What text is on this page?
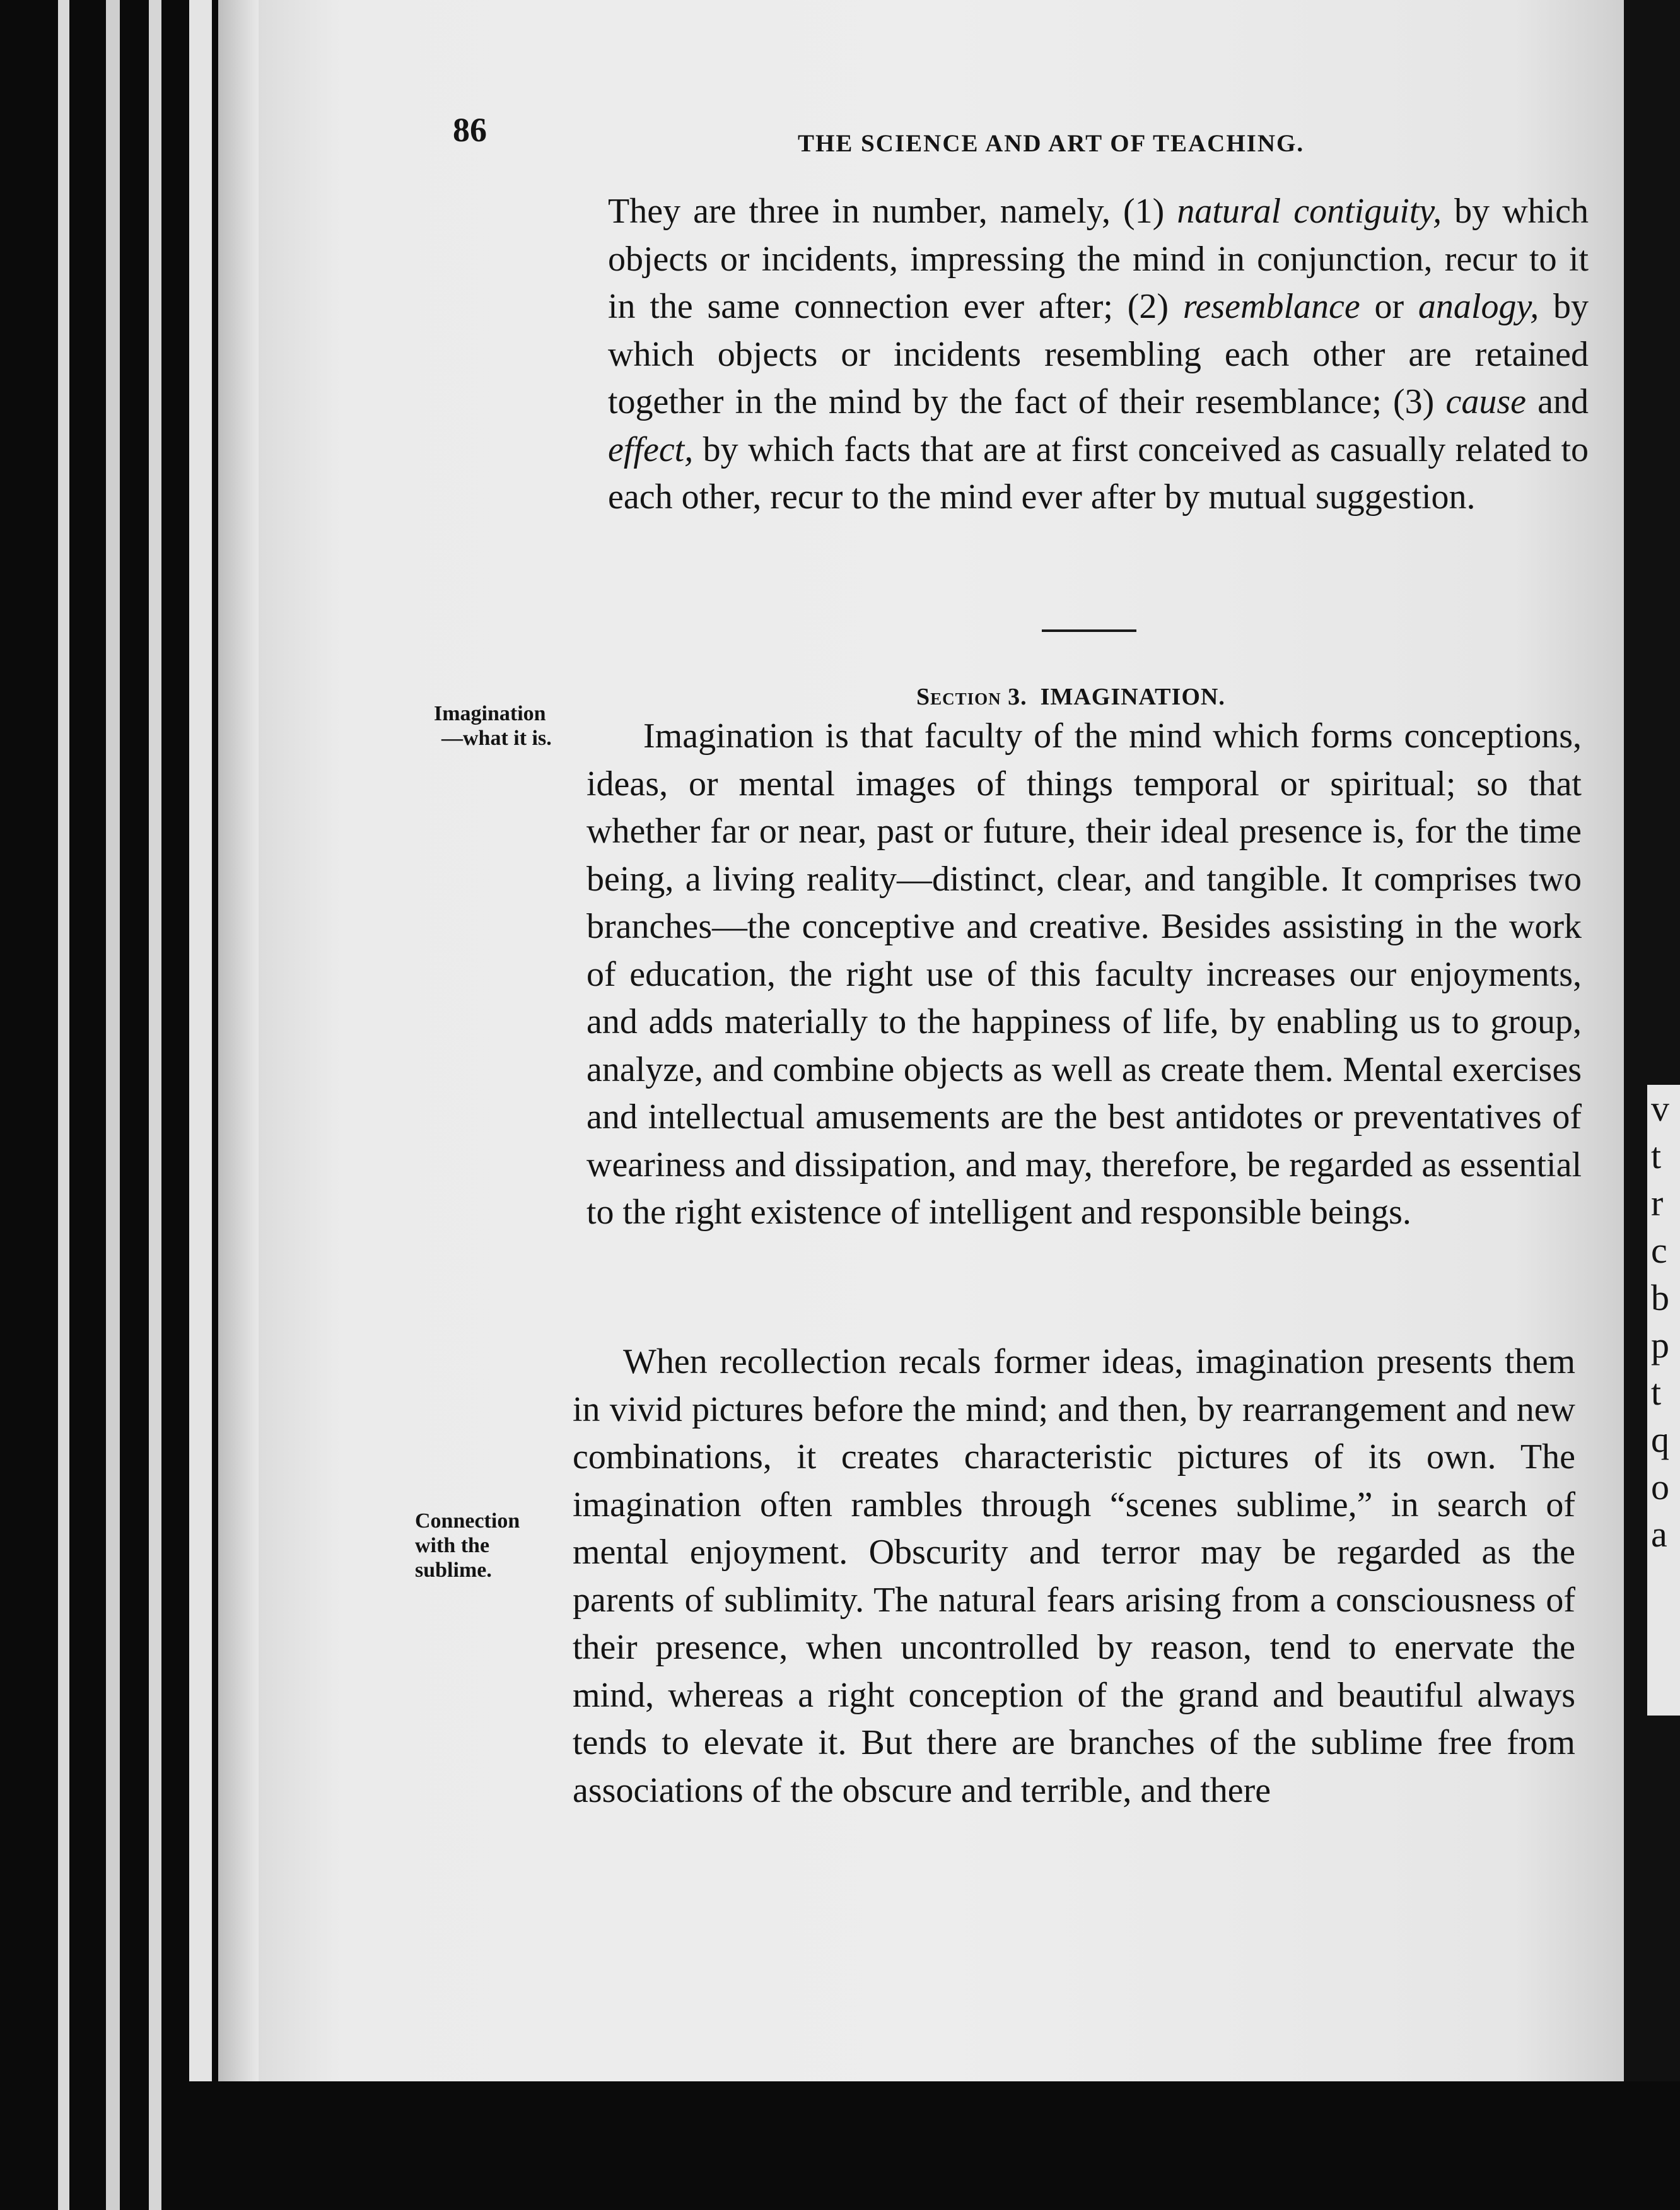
v
t
r
c
b
p
t
q
o
a

86	THE SCIENCE AND ART OF TEACHING.

They are three in number, namely, (1) natural contiguity, by which objects or incidents, impressing the mind in conjunction, recur to it in the same connection ever after; (2) resemblance or analogy, by which objects or incidents resembling each other are retained together in the mind by the fact of their resemblance; (3) cause and effect, by which facts that are at first conceived as casually related to each other, recur to the mind ever after by mutual suggestion.

Section 3. IMAGINATION.

Imagination
—what it is.	Imagination is that faculty of the mind which forms conceptions, ideas, or mental images of things temporal or spiritual; so that whether far or near, past or future, their ideal presence is, for the time being, a living reality—distinct, clear, and tangible. It comprises two branches—the conceptive and creative. Besides assisting in the work of education, the right use of this faculty increases our enjoyments, and adds materially to the happiness of life, by enabling us to group, analyze, and combine objects as well as create them. Mental exercises and intellectual amusements are the best antidotes or preventatives of weariness and dissipation, and may, therefore, be regarded as essential to the right existence of intelligent and responsible beings.

Connection
with the
sublime.

When recollection recals former ideas, imagination presents them in vivid pictures before the mind; and then, by rearrangement and new combinations, it creates characteristic pictures of its own. The imagination often rambles through “scenes sublime,” in search of mental enjoyment. Obscurity and terror may be regarded as the parents of sublimity. The natural fears arising from a consciousness of their presence, when uncontrolled by reason, tend to enervate the mind, whereas a right conception of the grand and beautiful always tends to elevate it. But there are branches of the sublime free from associations of the obscure and terrible, and there
